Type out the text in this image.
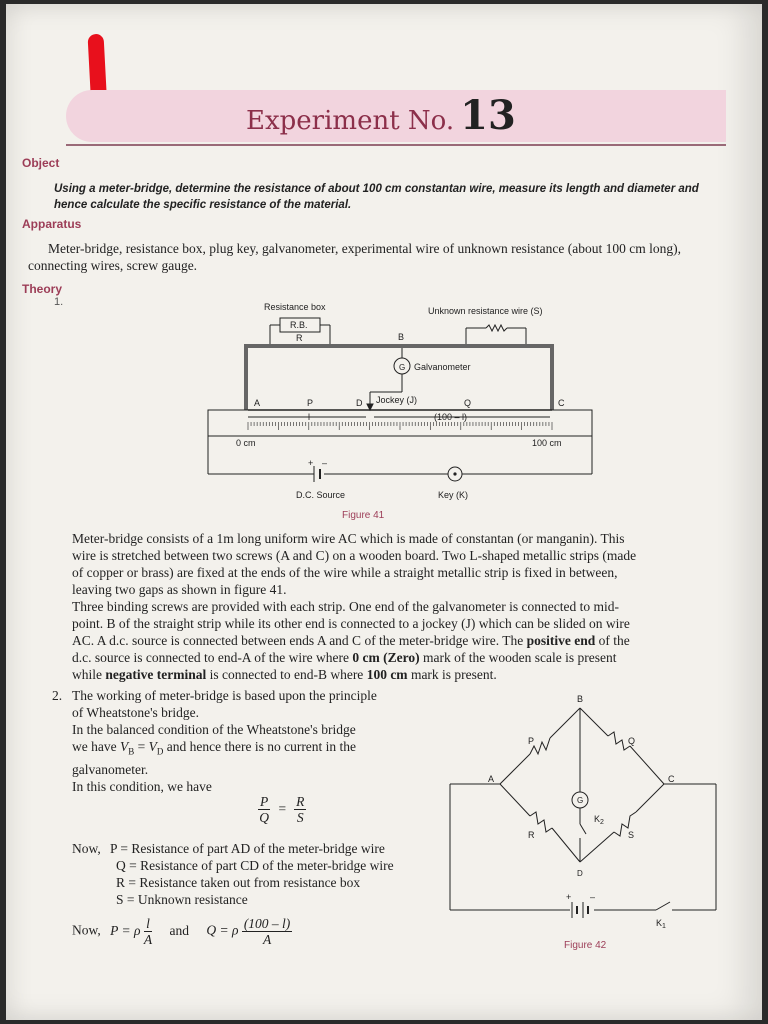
Experiment No. 13
Object
Using a meter-bridge, determine the resistance of about 100 cm constantan wire, measure its length and diameter and hence calculate the specific resistance of the material.
Apparatus
Meter-bridge, resistance box, plug key, galvanometer, experimental wire of unknown resistance (about 100 cm long), connecting wires, screw gauge.
Theory
1.	Resistance box
R.B.
R
Unknown resistance wire (S)
B
G Galvanometer
A	P	D Jockey (J)	Q	C
l	(100 – l)
0 cm	100 cm
+ –
D.C. Source	Key (K)
Figure 41
Meter-bridge consists of a 1m long uniform wire AC which is made of constantan (or manganin). This
wire is stretched between two screws (A and C) on a wooden board. Two L-shaped metallic strips (made
of copper or brass) are fixed at the ends of the wire while a straight metallic strip is fixed in between,
leaving two gaps as shown in figure 41.
Three binding screws are provided with each strip. One end of the galvanometer is connected to mid-
point. B of the straight strip while its other end is connected to a jockey (J) which can be slided on wire
AC. A d.c. source is connected between ends A and C of the meter-bridge wire. The positive end of the
d.c. source is connected to end-A of the wire where 0 cm (Zero) mark of the wooden scale is present
while negative terminal is connected to end-B where 100 cm mark is present.
2. The working of meter-bridge is based upon the principle
of Wheatstone's bridge.
In the balanced condition of the Wheatstone's bridge
we have $V_B = V_D$ and hence there is no current in the
galvanometer.
In this condition, we have
$\frac{P}{Q} = \frac{R}{S}$
Now, P = Resistance of part AD of the meter-bridge wire
Q = Resistance of part CD of the meter-bridge wire
R = Resistance taken out from resistance box
S = Unknown resistance
Now, P = ρ $\frac{l}{A}$ and Q = ρ $\frac{(100 - l)}{A}$
B
A	C
D
P	Q
R	S
G
$K_2$
$K_1$
+ –
Figure 42
